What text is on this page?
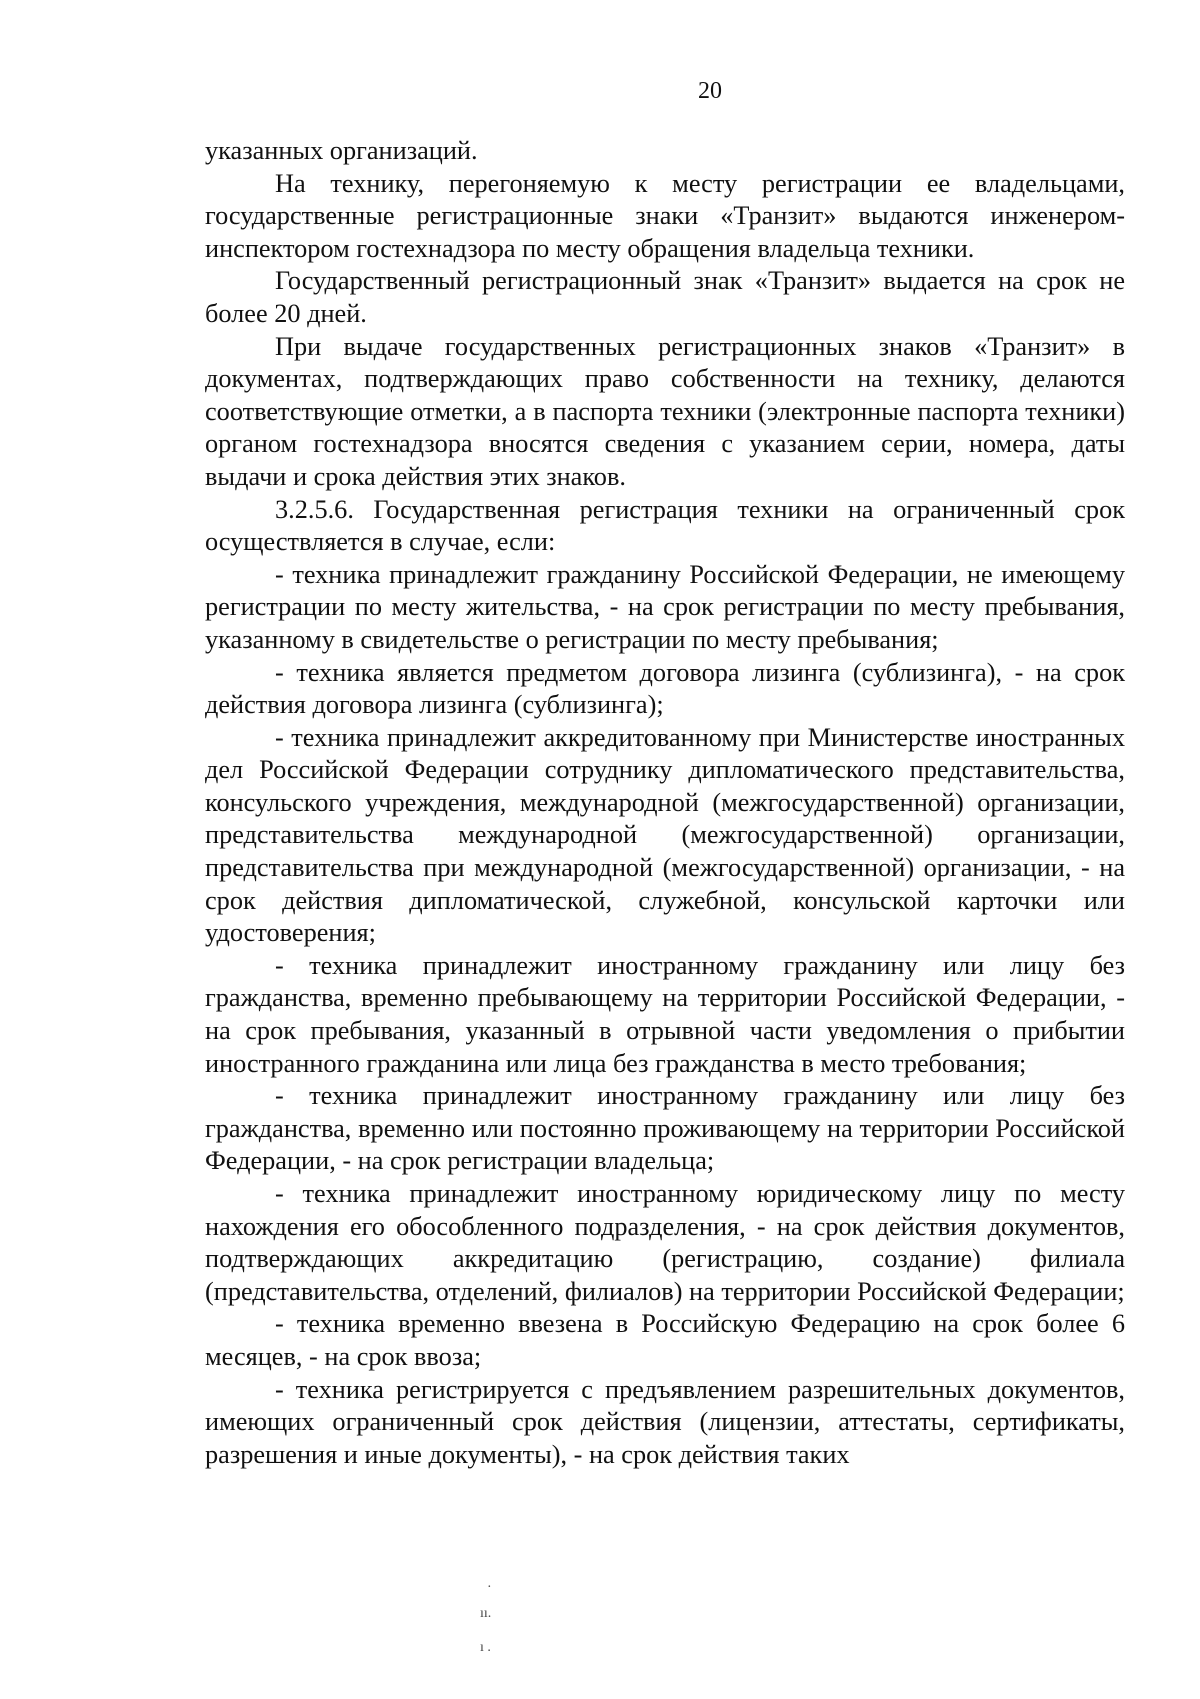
20

указанных организаций.

На технику, перегоняемую к месту регистрации ее владельцами, государственные регистрационные знаки «Транзит» выдаются инженером-инспектором гостехнадзора по месту обращения владельца техники.

Государственный регистрационный знак «Транзит» выдается на срок не более 20 дней.

При выдаче государственных регистрационных знаков «Транзит» в документах, подтверждающих право собственности на технику, делаются соответствующие отметки, а в паспорта техники (электронные паспорта техники) органом гостехнадзора вносятся сведения с указанием серии, номера, даты выдачи и срока действия этих знаков.

3.2.5.6. Государственная регистрация техники на ограниченный срок осуществляется в случае, если:

- техника принадлежит гражданину Российской Федерации, не имеющему регистрации по месту жительства, - на срок регистрации по месту пребывания, указанному в свидетельстве о регистрации по месту пребывания;

- техника является предметом договора лизинга (сублизинга), - на срок действия договора лизинга (сублизинга);

- техника принадлежит аккредитованному при Министерстве иностранных дел Российской Федерации сотруднику дипломатического представительства, консульского учреждения, международной (межгосударственной) организации, представительства международной (межгосударственной) организации, представительства при международной (межгосударственной) организации, - на срок действия дипломатической, служебной, консульской карточки или удостоверения;

- техника принадлежит иностранному гражданину или лицу без гражданства, временно пребывающему на территории Российской Федерации, - на срок пребывания, указанный в отрывной части уведомления о прибытии иностранного гражданина или лица без гражданства в место требования;

- техника принадлежит иностранному гражданину или лицу без гражданства, временно или постоянно проживающему на территории Российской Федерации, - на срок регистрации владельца;

- техника принадлежит иностранному юридическому лицу по месту нахождения его обособленного подразделения, - на срок действия документов, подтверждающих аккредитацию (регистрацию, создание) филиала (представительства, отделений, филиалов) на территории Российской Федерации;

- техника временно ввезена в Российскую Федерацию на срок более 6 месяцев, - на срок ввоза;

- техника регистрируется с предъявлением разрешительных документов, имеющих ограниченный срок действия (лицензии, аттестаты, сертификаты, разрешения и иные документы), - на срок действия таких

·
ıı.
ı .
